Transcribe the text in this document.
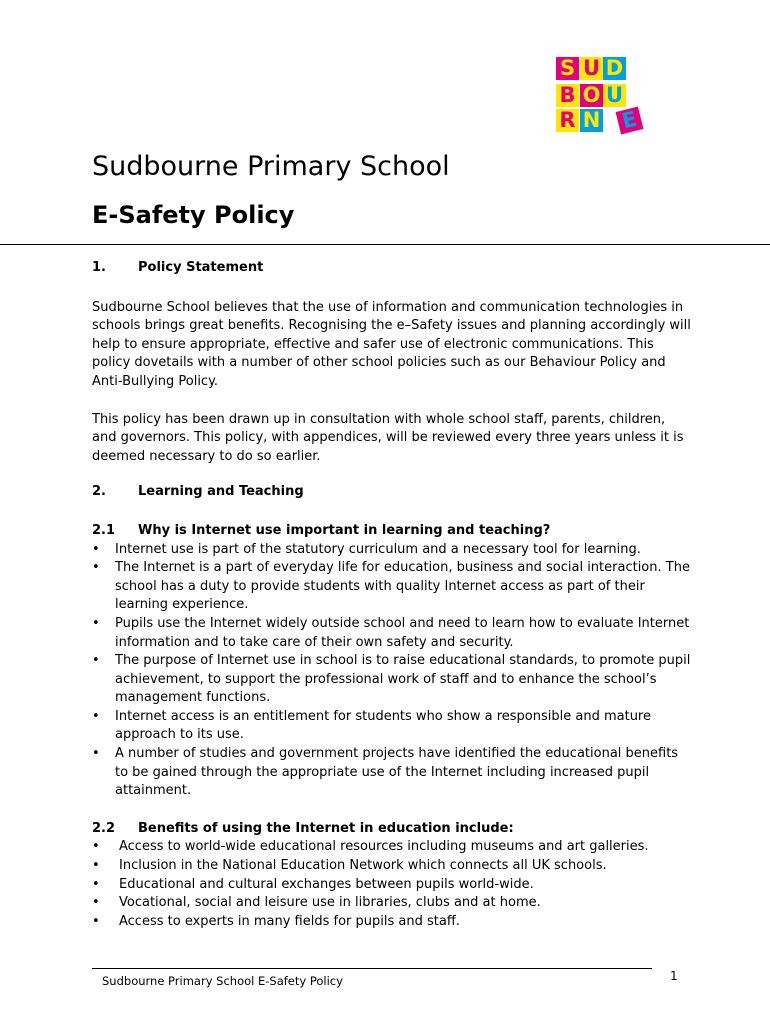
S U D
B O U
R N E
Sudbourne Primary School
E-Safety Policy
1. Policy Statement

Sudbourne School believes that the use of information and communication technologies in schools brings great benefits. Recognising the e–Safety issues and planning accordingly will help to ensure appropriate, effective and safer use of electronic communications. This policy dovetails with a number of other school policies such as our Behaviour Policy and Anti-Bullying Policy.

This policy has been drawn up in consultation with whole school staff, parents, children, and governors. This policy, with appendices, will be reviewed every three years unless it is deemed necessary to do so earlier.

2. Learning and Teaching
2.1 Why is Internet use important in learning and teaching?
• Internet use is part of the statutory curriculum and a necessary tool for learning.
• The Internet is a part of everyday life for education, business and social interaction. The school has a duty to provide students with quality Internet access as part of their learning experience.
• Pupils use the Internet widely outside school and need to learn how to evaluate Internet information and to take care of their own safety and security.
• The purpose of Internet use in school is to raise educational standards, to promote pupil achievement, to support the professional work of staff and to enhance the school’s management functions.
• Internet access is an entitlement for students who show a responsible and mature approach to its use.
• A number of studies and government projects have identified the educational benefits to be gained through the appropriate use of the Internet including increased pupil attainment.
2.2 Benefits of using the Internet in education include:
• Access to world-wide educational resources including museums and art galleries.
• Inclusion in the National Education Network which connects all UK schools.
• Educational and cultural exchanges between pupils world-wide.
• Vocational, social and leisure use in libraries, clubs and at home.
• Access to experts in many fields for pupils and staff.
Sudbourne Primary School E-Safety Policy	1
